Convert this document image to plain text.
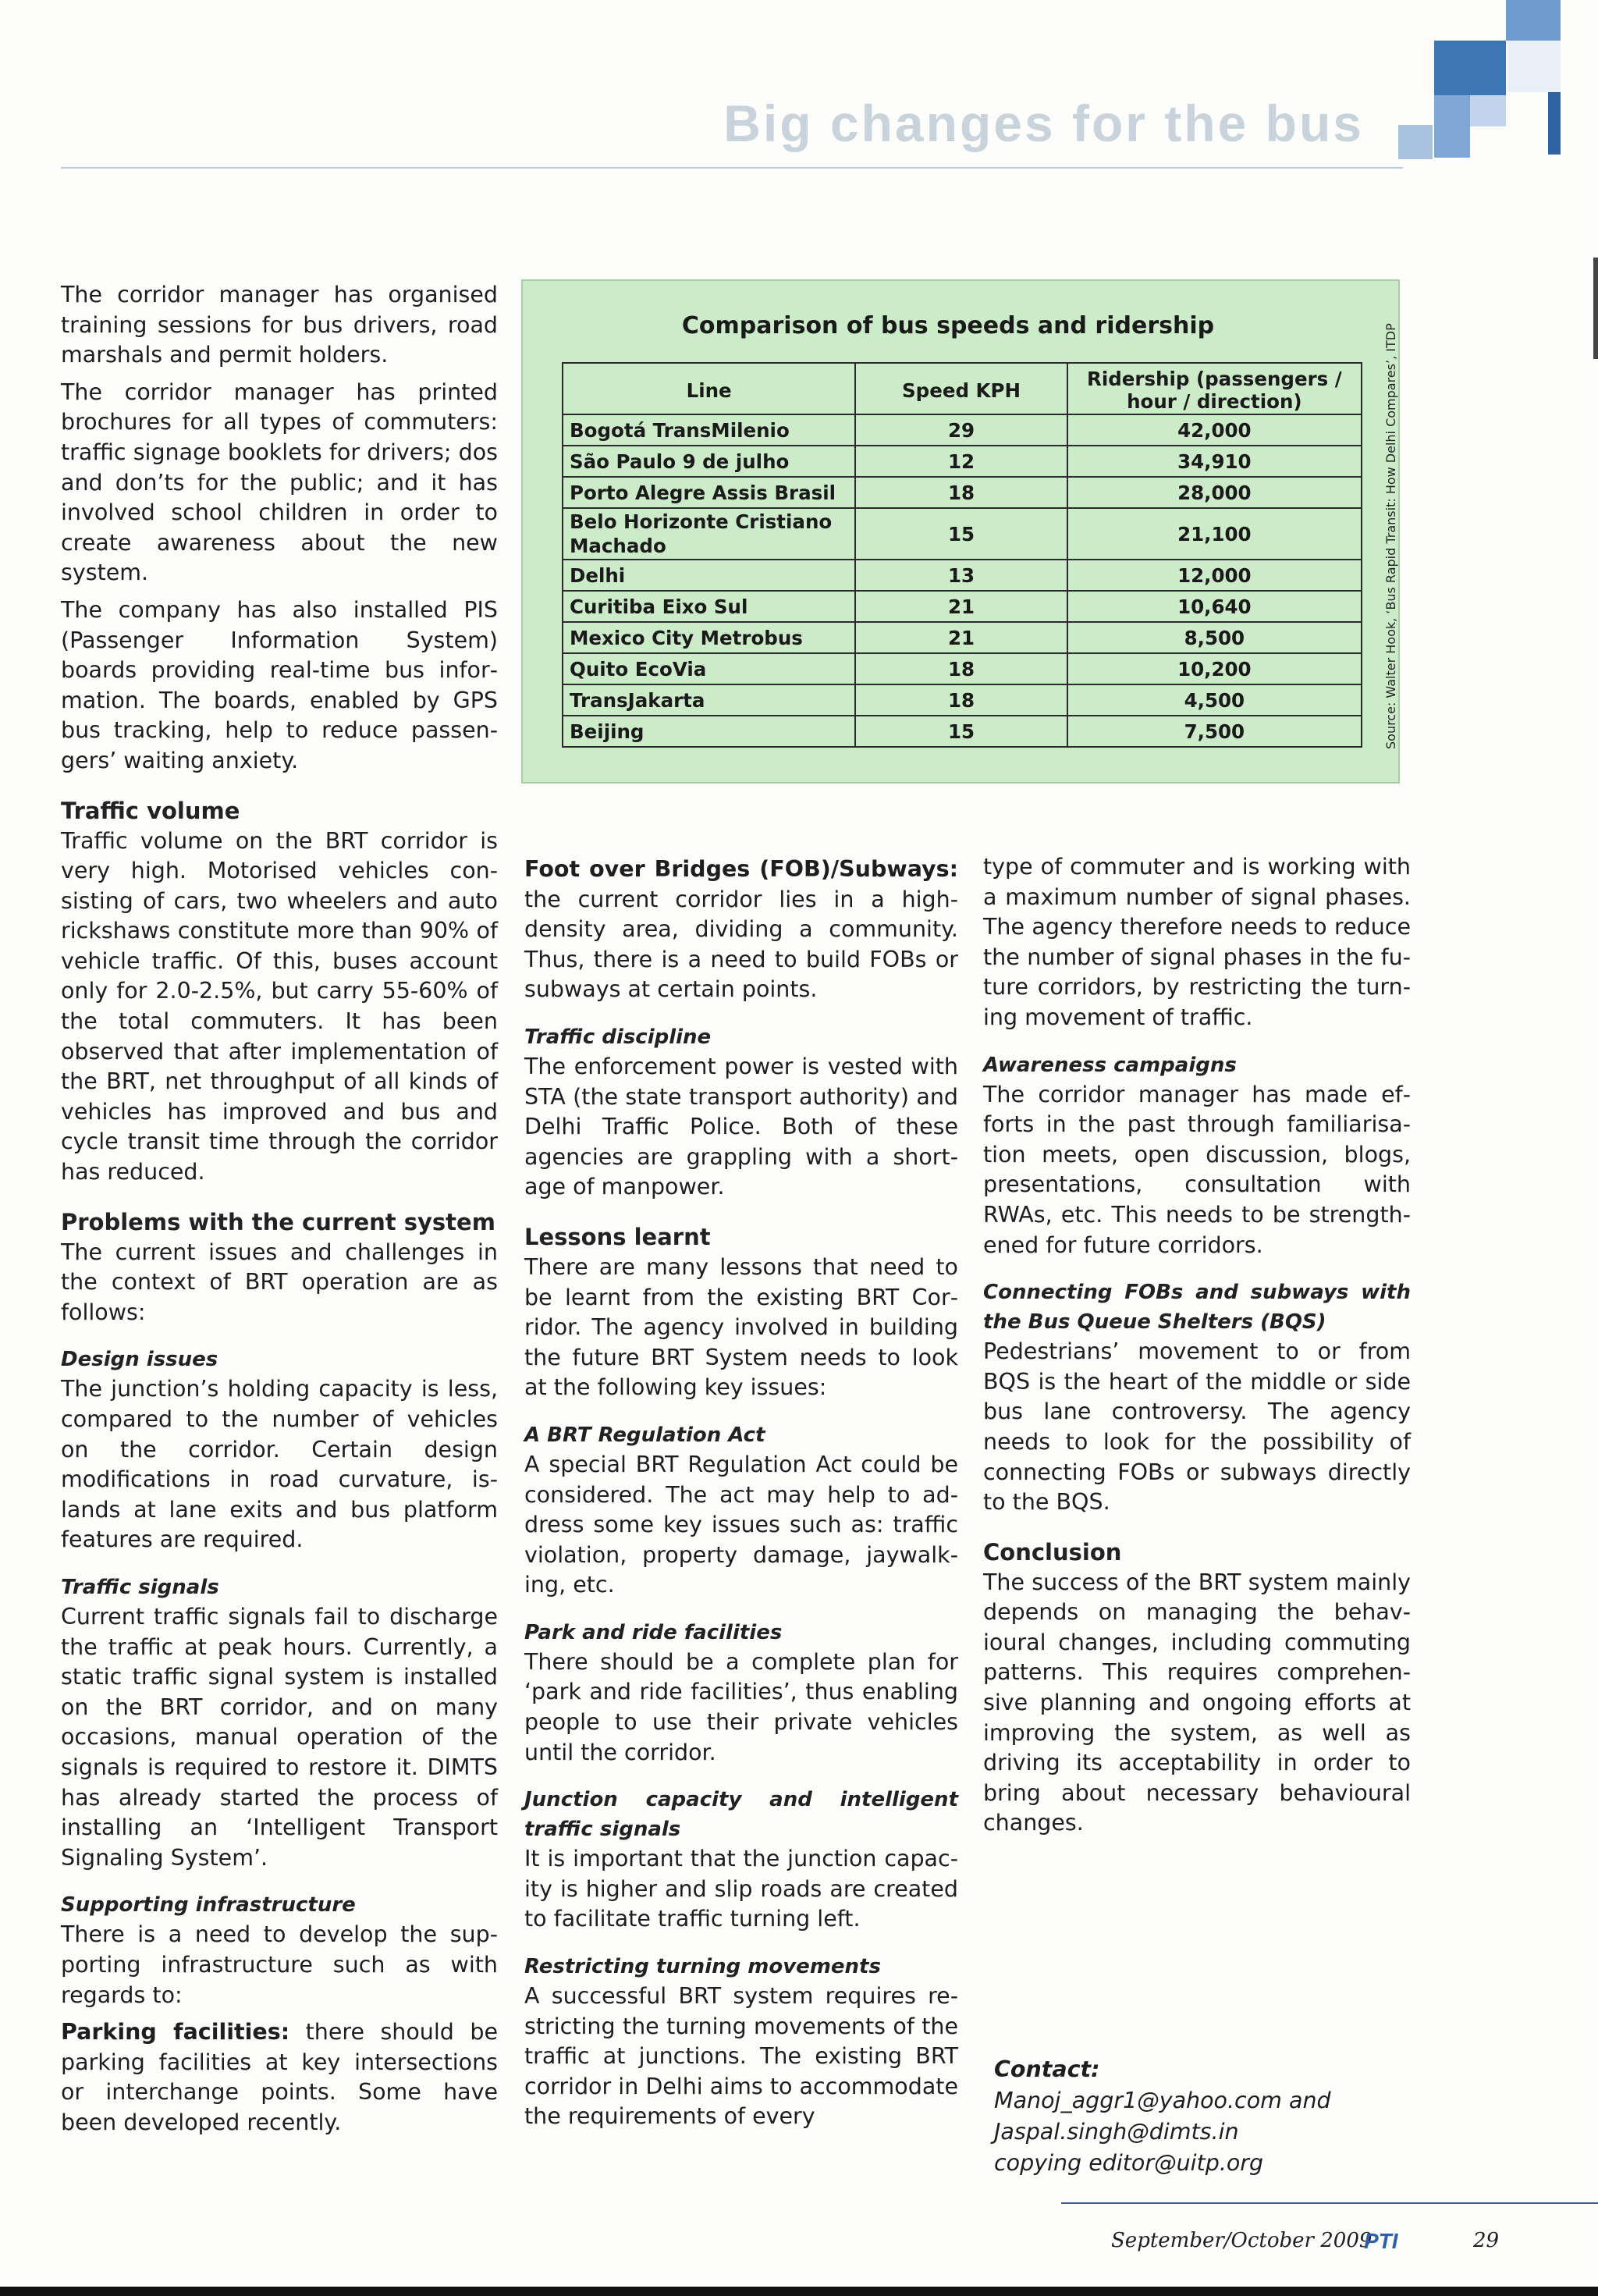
Big changes for the bus

The corridor manager has organised training sessions for bus drivers, road marshals and permit holders.

The corridor manager has printed brochures for all types of commuters: traffic signage booklets for drivers; dos and don’ts for the public; and it has involved school children in order to create awareness about the new system.

The company has also installed PIS (Passenger Information System) boards providing real-time bus information. The boards, enabled by GPS bus tracking, help to reduce passengers’ waiting anxiety.

Traffic volume

Traffic volume on the BRT corridor is very high. Motorised vehicles consisting of cars, two wheelers and auto rickshaws constitute more than 90% of vehicle traffic. Of this, buses account only for 2.0-2.5%, but carry 55-60% of the total commuters. It has been observed that after implementation of the BRT, net throughput of all kinds of vehicles has improved and bus and cycle transit time through the corridor has reduced.

Problems with the current system

The current issues and challenges in the context of BRT operation are as follows:

Design issues

The junction’s holding capacity is less, compared to the number of vehicles on the corridor. Certain design modifications in road curvature, islands at lane exits and bus platform features are required.

Traffic signals

Current traffic signals fail to discharge the traffic at peak hours. Currently, a static traffic signal system is installed on the BRT corridor, and on many occasions, manual operation of the signals is required to restore it. DIMTS has already started the process of installing an ‘Intelligent Transport Signaling System’.

Supporting infrastructure

There is a need to develop the supporting infrastructure such as with regards to:

Parking facilities: there should be parking facilities at key intersections or interchange points. Some have been developed recently.

Comparison of bus speeds and ridership
Line	Speed KPH	Ridership (passengers / hour / direction)
Bogotá TransMilenio	29	42,000
São Paulo 9 de julho	12	34,910
Porto Alegre Assis Brasil	18	28,000
Belo Horizonte Cristiano Machado	15	21,100
Delhi	13	12,000
Curitiba Eixo Sul	21	10,640
Mexico City Metrobus	21	8,500
Quito EcoVia	18	10,200
TransJakarta	18	4,500
Beijing	15	7,500	Source: Walter Hook, ‘Bus Rapid Transit: How Delhi Compares’, ITDP

Foot over Bridges (FOB)/Subways: the current corridor lies in a high-density area, dividing a community. Thus, there is a need to build FOBs or subways at certain points.

Traffic discipline

The enforcement power is vested with STA (the state transport authority) and Delhi Traffic Police. Both of these agencies are grappling with a shortage of manpower.

Lessons learnt

There are many lessons that need to be learnt from the existing BRT Corridor. The agency involved in building the future BRT System needs to look at the following key issues:

A BRT Regulation Act

A special BRT Regulation Act could be considered. The act may help to address some key issues such as: traffic violation, property damage, jaywalking, etc.

Park and ride facilities

There should be a complete plan for ‘park and ride facilities’, thus enabling people to use their private vehicles until the corridor.

Junction capacity and intelligent traffic signals

It is important that the junction capacity is higher and slip roads are created to facilitate traffic turning left.

Restricting turning movements

A successful BRT system requires restricting the turning movements of the traffic at junctions. The existing BRT corridor in Delhi aims to accommodate the requirements of every

type of commuter and is working with a maximum number of signal phases. The agency therefore needs to reduce the number of signal phases in the future corridors, by restricting the turning movement of traffic.

Awareness campaigns

The corridor manager has made efforts in the past through familiarisation meets, open discussion, blogs, presentations, consultation with RWAs, etc. This needs to be strengthened for future corridors.

Connecting FOBs and subways with the Bus Queue Shelters (BQS)

Pedestrians’ movement to or from BQS is the heart of the middle or side bus lane controversy. The agency needs to look for the possibility of connecting FOBs or subways directly to the BQS.

Conclusion

The success of the BRT system mainly depends on managing the behavioural changes, including commuting patterns. This requires comprehensive planning and ongoing efforts at improving the system, as well as driving its acceptability in order to bring about necessary behavioural changes.

Contact:
Manoj_aggr1@yahoo.com and
Jaspal.singh@dimts.in
copying editor@uitp.org
September/October 2009
PTI	29
